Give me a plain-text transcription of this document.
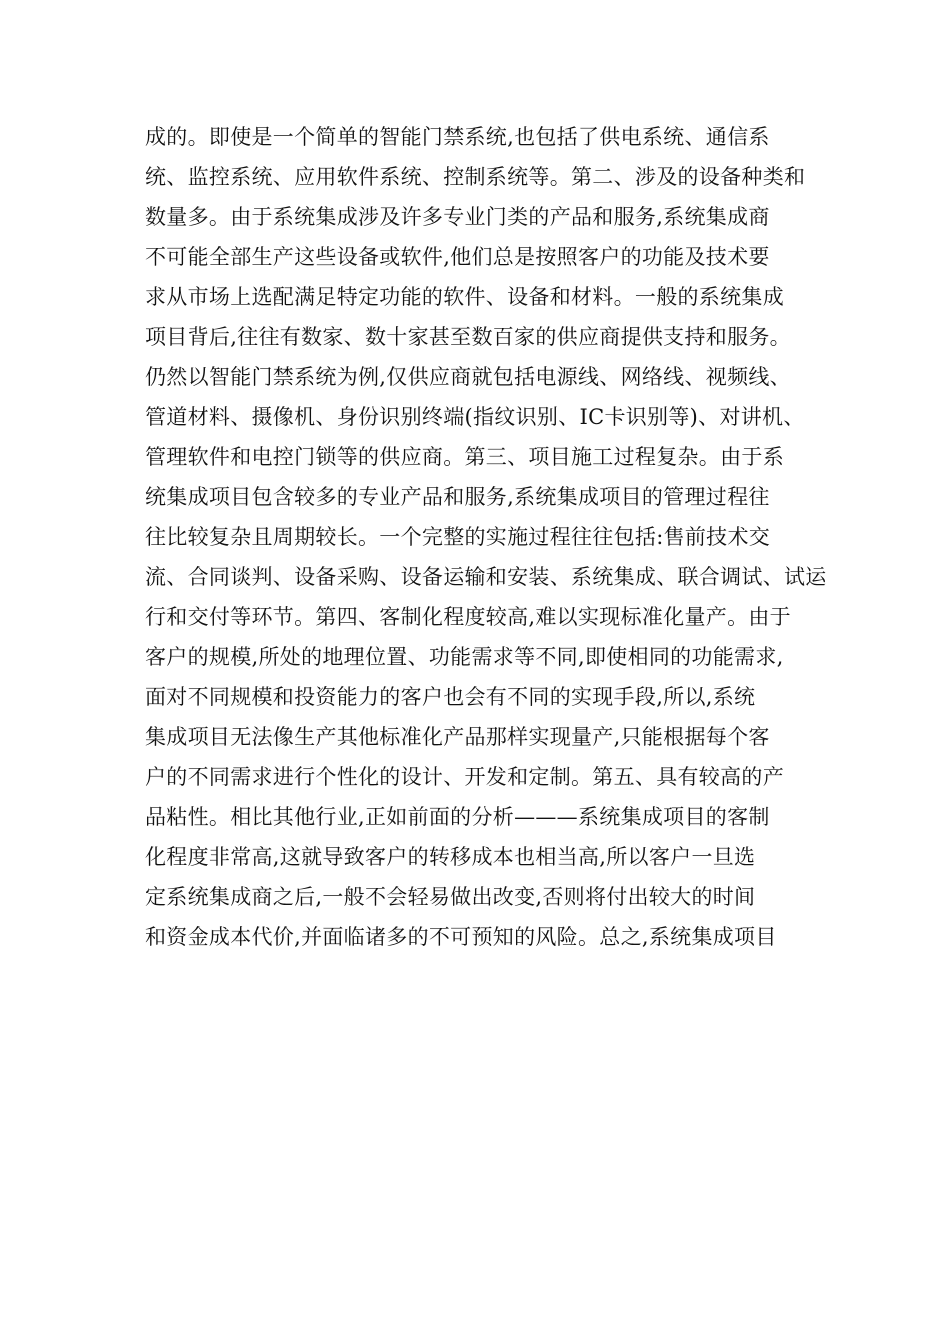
成的。即使是一个简单的智能门禁系统,也包括了供电系统、通信系
统、监控系统、应用软件系统、控制系统等。第二、涉及的设备种类和
数量多。由于系统集成涉及许多专业门类的产品和服务,系统集成商
不可能全部生产这些设备或软件,他们总是按照客户的功能及技术要
求从市场上选配满足特定功能的软件、设备和材料。一般的系统集成
项目背后,往往有数家、数十家甚至数百家的供应商提供支持和服务。
仍然以智能门禁系统为例,仅供应商就包括电源线、网络线、视频线、
管道材料、摄像机、身份识别终端(指纹识别、IC卡识别等)、对讲机、
管理软件和电控门锁等的供应商。第三、项目施工过程复杂。由于系
统集成项目包含较多的专业产品和服务,系统集成项目的管理过程往
往比较复杂且周期较长。一个完整的实施过程往往包括:售前技术交
流、合同谈判、设备采购、设备运输和安装、系统集成、联合调试、试运
行和交付等环节。第四、客制化程度较高,难以实现标准化量产。由于
客户的规模,所处的地理位置、功能需求等不同,即使相同的功能需求,
面对不同规模和投资能力的客户也会有不同的实现手段,所以,系统
集成项目无法像生产其他标准化产品那样实现量产,只能根据每个客
户的不同需求进行个性化的设计、开发和定制。第五、具有较高的产
品粘性。相比其他行业,正如前面的分析———系统集成项目的客制
化程度非常高,这就导致客户的转移成本也相当高,所以客户一旦选
定系统集成商之后,一般不会轻易做出改变,否则将付出较大的时间
和资金成本代价,并面临诸多的不可预知的风险。总之,系统集成项目
